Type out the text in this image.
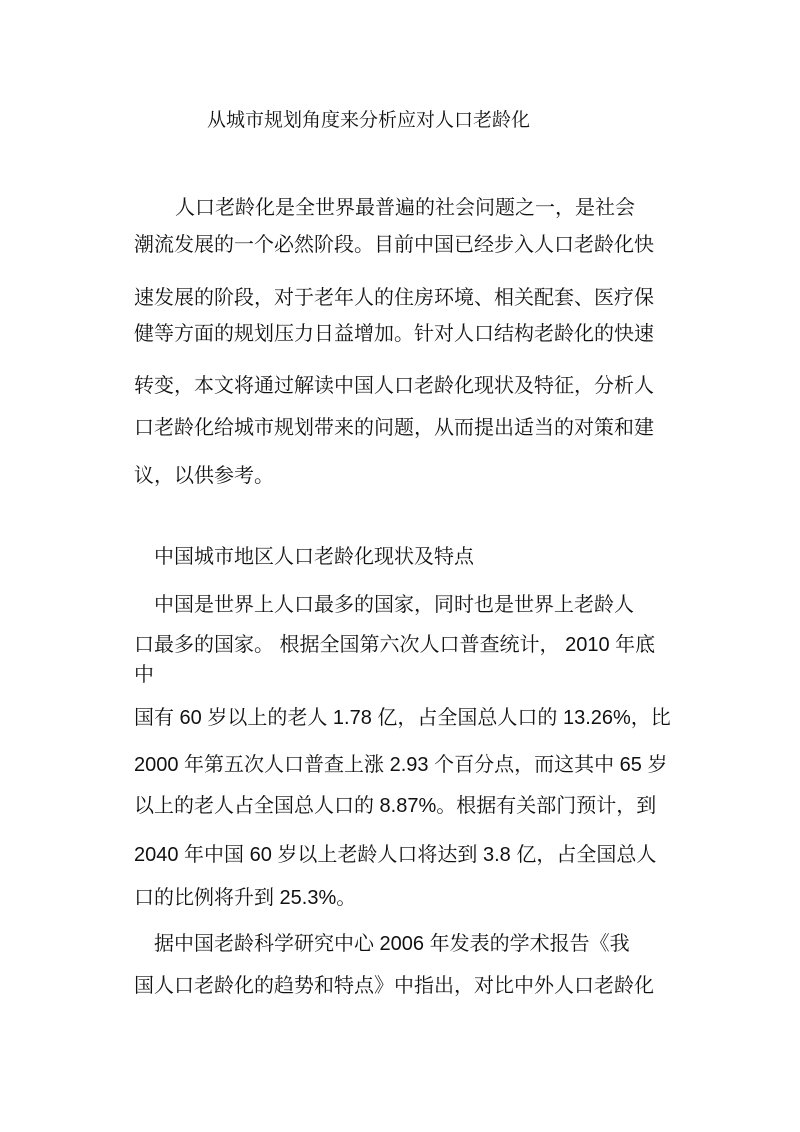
从城市规划角度来分析应对人口老龄化
人口老龄化是全世界最普遍的社会问题之一，是社会
潮流发展的一个必然阶段。目前中国已经步入人口老龄化快
速发展的阶段，对于老年人的住房环境、相关配套、医疗保
健等方面的规划压力日益增加。针对人口结构老龄化的快速
转变，本文将通过解读中国人口老龄化现状及特征，分析人
口老龄化给城市规划带来的问题，从而提出适当的对策和建
议，以供参考。
中国城市地区人口老龄化现状及特点
中国是世界上人口最多的国家，同时也是世界上老龄人
口最多的国家。 根据全国第六次人口普查统计， 2010 年底
中
国有 60 岁以上的老人 1.78 亿，占全国总人口的 13.26%，比
2000 年第五次人口普查上涨 2.93 个百分点，而这其中 65 岁
以上的老人占全国总人口的 8.87%。根据有关部门预计，到
2040 年中国 60 岁以上老龄人口将达到 3.8 亿，占全国总人
口的比例将升到 25.3%。
据中国老龄科学研究中心 2006 年发表的学术报告《我
国人口老龄化的趋势和特点》中指出，对比中外人口老龄化
